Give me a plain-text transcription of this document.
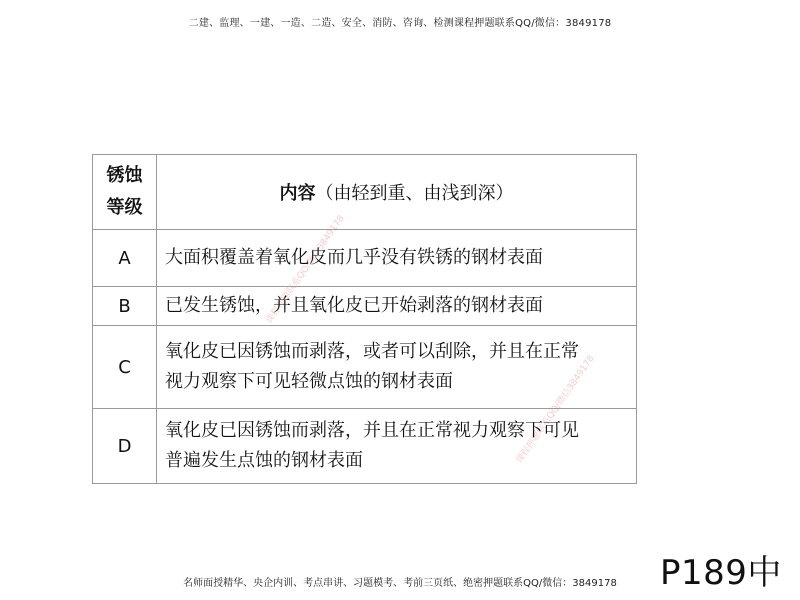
二建、监理、一建、一造、二造、安全、消防、咨询、检测课程押题联系QQ/微信：3849178
课程押题联系QQ/微信3849178
课程押题联系QQ/微信3849178
锈蚀
等级	内容（由轻到重、由浅到深）
A	大面积覆盖着氧化皮而几乎没有铁锈的钢材表面

B	已发生锈蚀，并且氧化皮已开始剥落的钢材表面

C	氧化皮已因锈蚀而剥落，或者可以刮除，并且在正常
视力观察下可见轻微点蚀的钢材表面

D	氧化皮已因锈蚀而剥落，并且在正常视力观察下可见
普遍发生点蚀的钢材表面
P189中
名师面授精华、央企内训、考点串讲、习题模考、考前三页纸、绝密押题联系QQ/微信：3849178
